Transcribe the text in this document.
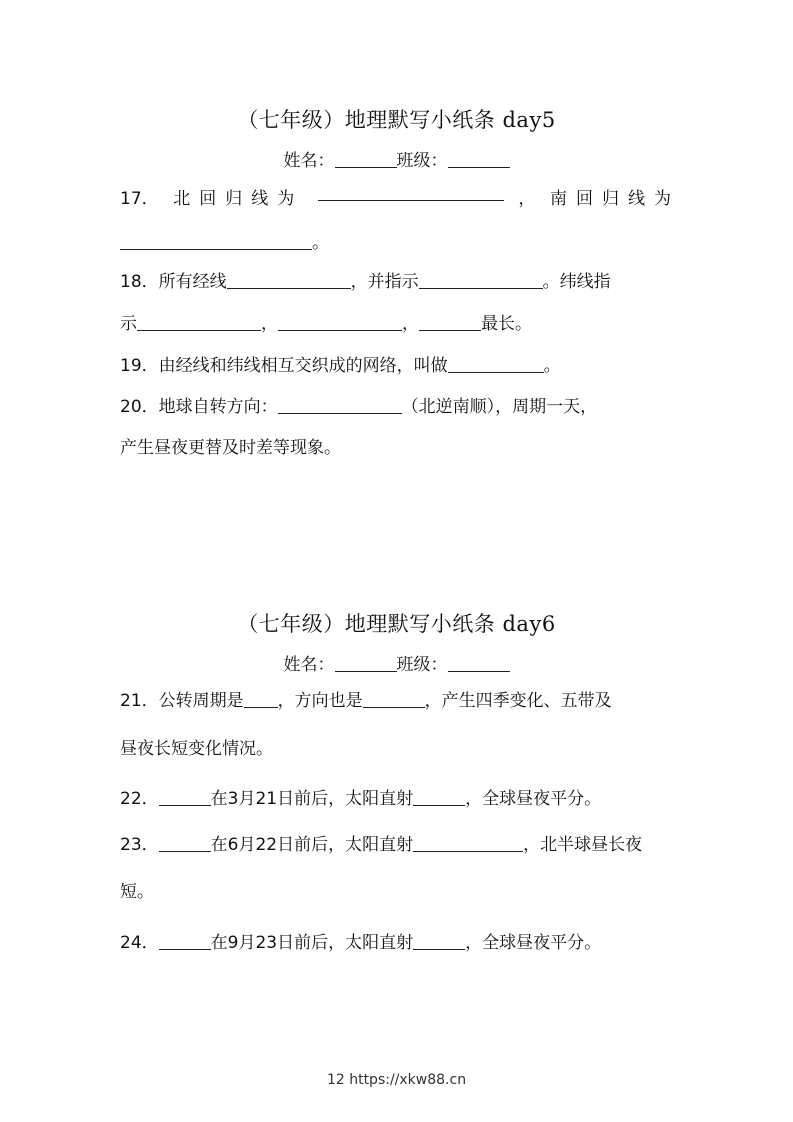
（七年级）地理默写小纸条 day5
姓名：	班级：
17． 北回归线为	， 南回归线为
。
18．所有经线	，并指示	。纬线指
示	，	，	最长。
19．由经线和纬线相互交织成的网络，叫做	。
20．地球自转方向：	（北逆南顺），周期一天，
产生昼夜更替及时差等现象。
（七年级）地理默写小纸条 day6
姓名：	班级：
21．公转周期是 ，方向也是	，产生四季变化、五带及
昼夜长短变化情况。
22．	在3月21日前后，太阳直射	，全球昼夜平分。
23．	在6月22日前后，太阳直射	，北半球昼长夜
短。
24．	在9月23日前后，太阳直射	，全球昼夜平分。
12 https://xkw88.cn
